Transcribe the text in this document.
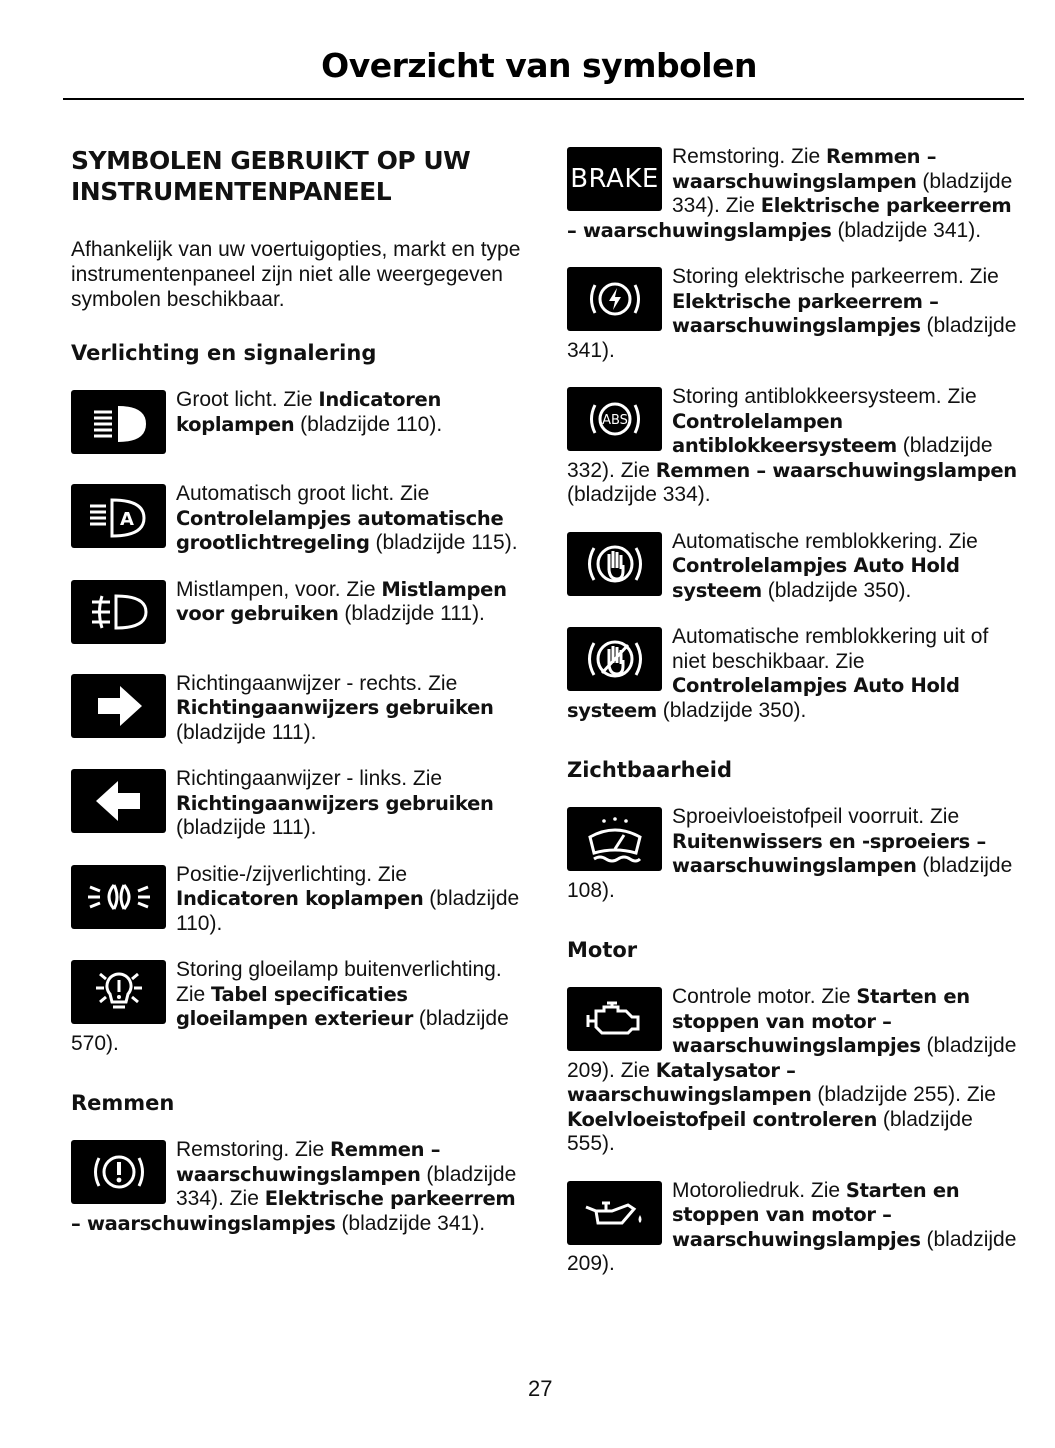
Overzicht van symbolen
SYMBOLEN GEBRUIKT OP UW INSTRUMENTENPANEEL

Afhankelijk van uw voertuigopties, markt en type instrumentenpaneel zijn niet alle weergegeven symbolen beschikbaar.

Verlichting en signalering
Groot licht. Zie Indicatoren koplampen (bladzijde 110).
A
Automatisch groot licht. Zie Controlelampjes automatische grootlichtregeling (bladzijde 115).
Mistlampen, voor. Zie Mistlampen voor gebruiken (bladzijde 111).
Richtingaanwijzer - rechts. Zie Richtingaanwijzers gebruiken (bladzijde 111).
Richtingaanwijzer - links. Zie Richtingaanwijzers gebruiken (bladzijde 111).
Positie-/zijverlichting. Zie Indicatoren koplampen (bladzijde 110).
Storing gloeilamp buitenverlichting. Zie Tabel specificaties gloeilampen exterieur (bladzijde 570).
Remmen
Remstoring. Zie Remmen – waarschuwingslampen (bladzijde 334). Zie Elektrische parkeerrem – waarschuwingslampjes (bladzijde 341).
BRAKE
Remstoring. Zie Remmen – waarschuwingslampen (bladzijde 334). Zie Elektrische parkeerrem – waarschuwingslampjes (bladzijde 341).
Storing elektrische parkeerrem. Zie Elektrische parkeerrem – waarschuwingslampjes (bladzijde 341).
ABS
Storing antiblokkeersysteem. Zie Controlelampen antiblokkeersysteem (bladzijde 332). Zie Remmen – waarschuwingslampen (bladzijde 334).
Automatische remblokkering. Zie Controlelampjes Auto Hold systeem (bladzijde 350).
Automatische remblokkering uit of niet beschikbaar. Zie Controlelampjes Auto Hold systeem (bladzijde 350).
Zichtbaarheid
Sproeivloeistofpeil voorruit. Zie Ruitenwissers en -sproeiers – waarschuwingslampen (bladzijde 108).
Motor
Controle motor. Zie Starten en stoppen van motor – waarschuwingslampjes (bladzijde 209). Zie Katalysator – waarschuwingslampen (bladzijde 255). Zie Koelvloeistofpeil controleren (bladzijde 555).
Motoroliedruk. Zie Starten en stoppen van motor – waarschuwingslampjes (bladzijde 209).
27
